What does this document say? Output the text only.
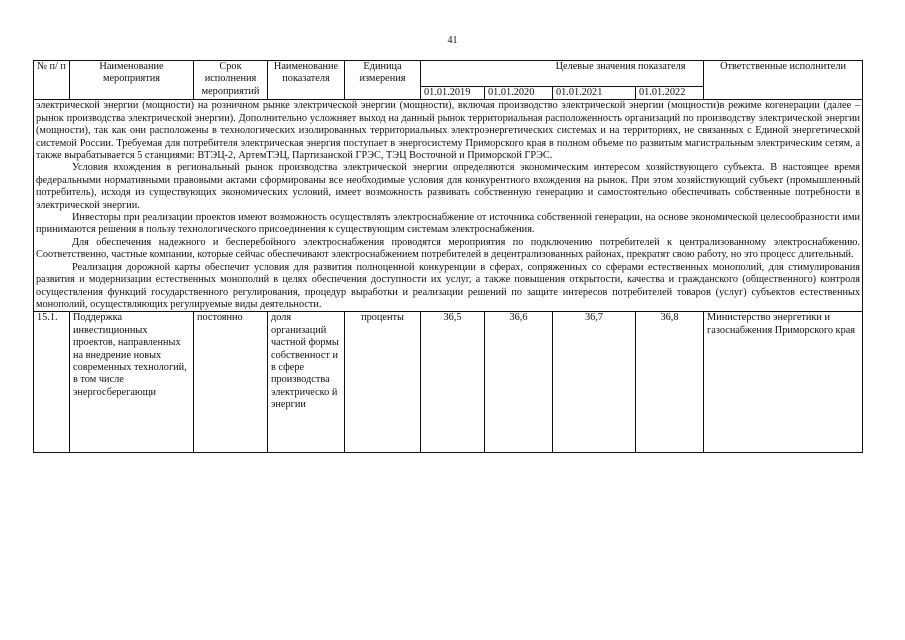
41
№ п/ п	Наименование мероприятия	Срок исполнения мероприятий	Наименование показателя	Единица измерения	Целевые значения показателя				Ответственные исполнители
					01.01.2019	01.01.2020	01.01.2021	01.01.2022	

электрической энергии (мощности) на розничном рынке электрической энергии (мощности), включая производство электрической энергии (мощности)в режиме когенерации (далее – рынок производства электрической энергии). Дополнительно усложняет выход на данный рынок территориальная расположенность организаций по производству электрической энергии (мощности), так как они расположены в технологических изолированных территориальных электроэнергетических системах и на территориях, не связанных с Единой энергетической системой России. Требуемая для потребителя электрическая энергия поступает в энергосистему Приморского края в полном объеме по развитым магистральным электрическим сетям, а также вырабатывается 5 станциями: ВТЭЦ-2, АртемТЭЦ, Партизанской ГРЭС, ТЭЦ Восточной и Приморской ГРЭС.

Условия вхождения в региональный рынок производства электрической энергии определяются экономическим интересом хозяйствующего субъекта. В настоящее время федеральными нормативными правовыми актами сформированы все необходимые условия для конкурентного вхождения на рынок. При этом хозяйствующий субъект (промышленный потребитель), исходя из существующих экономических условий, имеет возможность развивать собственную генерацию и самостоятельно обеспечивать собственные потребности в электрической энергии.

Инвесторы при реализации проектов имеют возможность осуществлять электроснабжение от источника собственной генерации, на основе экономической целесообразности ими принимаются решения в пользу технологического присоединения к существующим системам электроснабжения.

Для обеспечения надежного и бесперебойного электроснабжения проводятся мероприятия по подключению потребителей к централизованному электроснабжению. Соответственно, частные компании, которые сейчас обеспечивают электроснабжением потребителей в децентрализованных районах, прекратят свою работу, но это процесс длительный.

Реализация дорожной карты обеспечит условия для развития полноценной конкуренции в сферах, сопряженных со сферами естественных монополий, для стимулирования развития и модернизации естественных монополий в целях обеспечения доступности их услуг, а также повышения открытости, качества и гражданского (общественного) контроля осуществления функций государственного регулирования, процедур выработки и реализации решений по защите интересов потребителей товаров (услуг) субъектов естественных монополий, осуществляющих регулируемые виды деятельности.									

15.1.	Поддержка инвестиционных проектов, направленных на внедрение новых современных технологий, в том числе энергосберегающи	постоянно	доля организаций частной формы собственност и в сфере производства электрическо й энергии	проценты	36,5	36,6	36,7	36,8	Министерство энергетики и газоснабжения Приморского края
